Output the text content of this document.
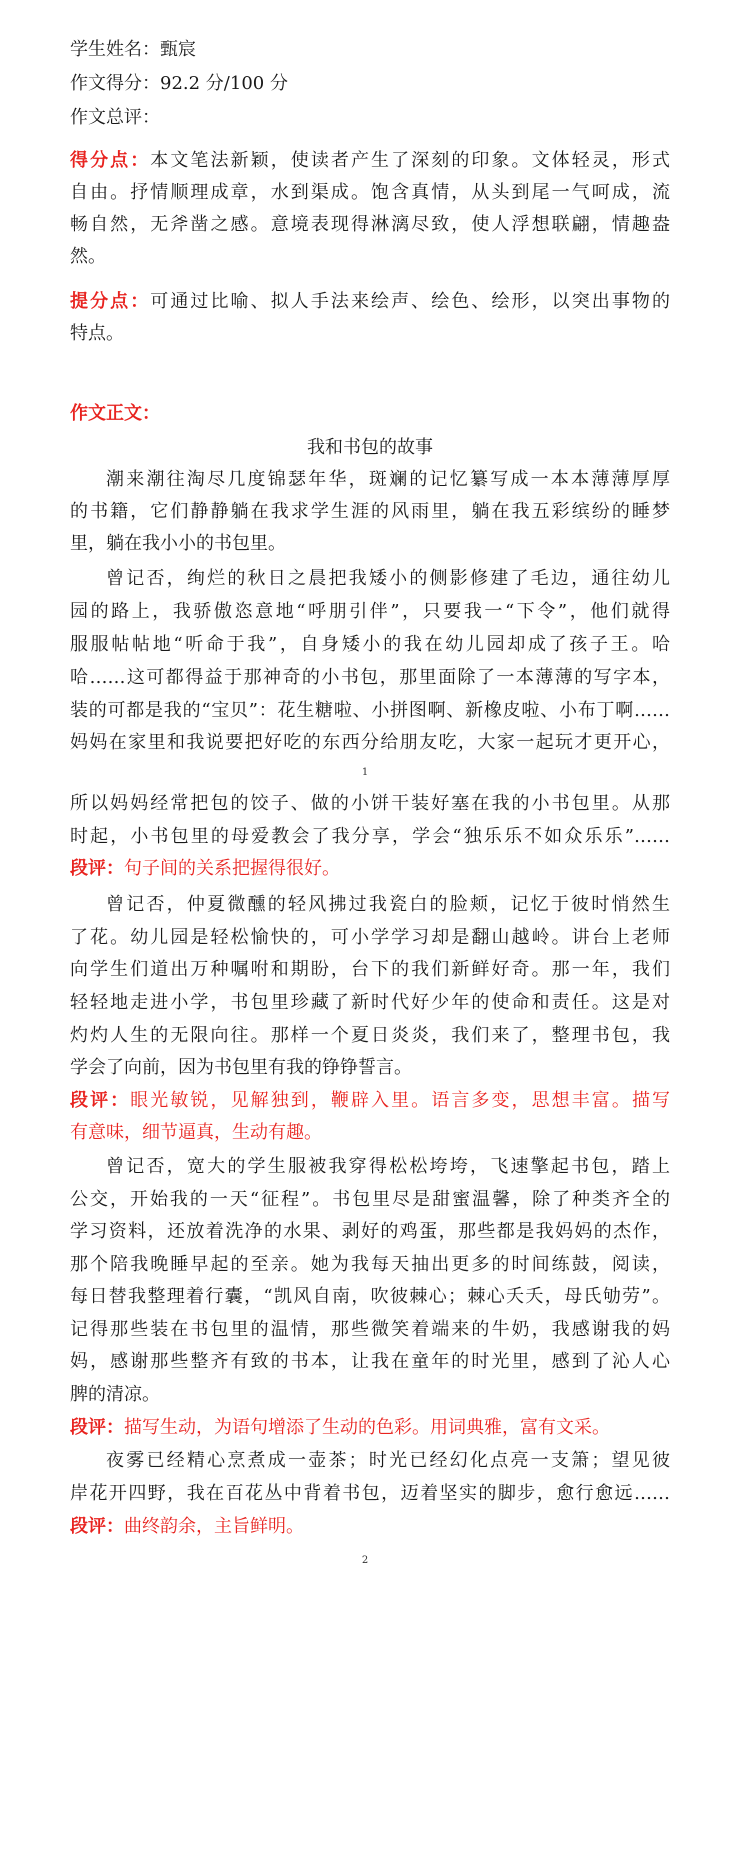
学生姓名：甄宸
作文得分：92.2 分/100 分
作文总评：
得分点：本文笔法新颖，使读者产生了深刻的印象。文体轻灵，形式
自由。抒情顺理成章，水到渠成。饱含真情，从头到尾一气呵成，流
畅自然，无斧凿之感。意境表现得淋漓尽致，使人浮想联翩，情趣盎
然。
提分点：可通过比喻、拟人手法来绘声、绘色、绘形，以突出事物的
特点。
作文正文：
我和书包的故事
潮来潮往淘尽几度锦瑟年华，斑斓的记忆纂写成一本本薄薄厚厚
的书籍，它们静静躺在我求学生涯的风雨里，躺在我五彩缤纷的睡梦
里，躺在我小小的书包里。
曾记否，绚烂的秋日之晨把我矮小的侧影修建了毛边，通往幼儿
园的路上，我骄傲恣意地“呼朋引伴”，只要我一“下令”，他们就得
服服帖帖地“听命于我”，自身矮小的我在幼儿园却成了孩子王。哈
哈……这可都得益于那神奇的小书包，那里面除了一本薄薄的写字本，
装的可都是我的“宝贝”：花生糖啦、小拼图啊、新橡皮啦、小布丁啊……
妈妈在家里和我说要把好吃的东西分给朋友吃，大家一起玩才更开心，
1
所以妈妈经常把包的饺子、做的小饼干装好塞在我的小书包里。从那
时起，小书包里的母爱教会了我分享，学会“独乐乐不如众乐乐”……
段评：句子间的关系把握得很好。
曾记否，仲夏微醺的轻风拂过我瓷白的脸颊，记忆于彼时悄然生
了花。幼儿园是轻松愉快的，可小学学习却是翻山越岭。讲台上老师
向学生们道出万种嘱咐和期盼，台下的我们新鲜好奇。那一年，我们
轻轻地走进小学，书包里珍藏了新时代好少年的使命和责任。这是对
灼灼人生的无限向往。那样一个夏日炎炎，我们来了，整理书包，我
学会了向前，因为书包里有我的铮铮誓言。
段评：眼光敏锐，见解独到，鞭辟入里。语言多变，思想丰富。描写
有意味，细节逼真，生动有趣。
曾记否，宽大的学生服被我穿得松松垮垮，飞速擎起书包，踏上
公交，开始我的一天“征程”。书包里尽是甜蜜温馨，除了种类齐全的
学习资料，还放着洗净的水果、剥好的鸡蛋，那些都是我妈妈的杰作，
那个陪我晚睡早起的至亲。她为我每天抽出更多的时间练鼓，阅读，
每日替我整理着行囊，“凯风自南，吹彼棘心；棘心夭夭，母氏劬劳”。
记得那些装在书包里的温情，那些微笑着端来的牛奶，我感谢我的妈
妈，感谢那些整齐有致的书本，让我在童年的时光里，感到了沁人心
脾的清凉。
段评：描写生动，为语句增添了生动的色彩。用词典雅，富有文采。
夜雾已经精心烹煮成一壶茶；时光已经幻化点亮一支箫；望见彼
岸花开四野，我在百花丛中背着书包，迈着坚实的脚步，愈行愈远……
段评：曲终韵余，主旨鲜明。
2
